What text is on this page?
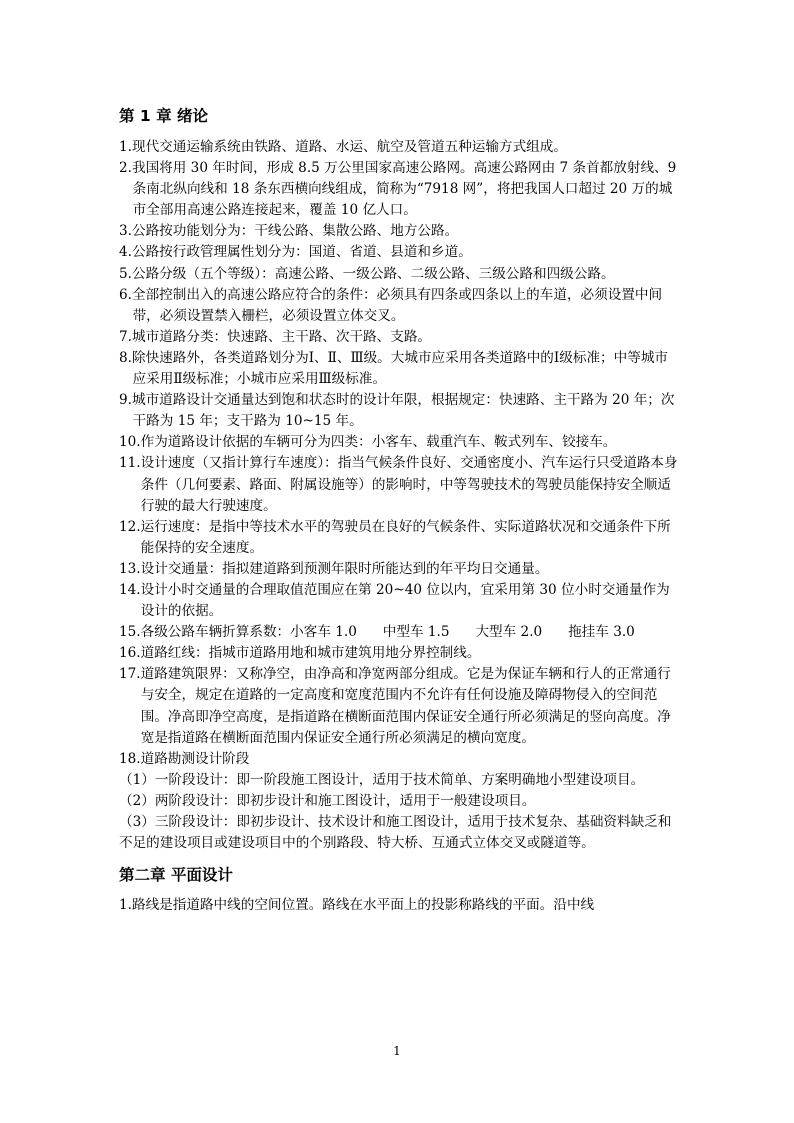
第 1 章 绪论

1.现代交通运输系统由铁路、道路、水运、航空及管道五种运输方式组成。

2.我国将用 30 年时间，形成 8.5 万公里国家高速公路网。高速公路网由 7 条首都放射线、9 条南北纵向线和 18 条东西横向线组成，简称为“7918 网”，将把我国人口超过 20 万的城市全部用高速公路连接起来，覆盖 10 亿人口。

3.公路按功能划分为：干线公路、集散公路、地方公路。

4.公路按行政管理属性划分为：国道、省道、县道和乡道。

5.公路分级（五个等级）：高速公路、一级公路、二级公路、三级公路和四级公路。

6.全部控制出入的高速公路应符合的条件：必须具有四条或四条以上的车道，必须设置中间带，必须设置禁入栅栏，必须设置立体交叉。

7.城市道路分类：快速路、主干路、次干路、支路。

8.除快速路外，各类道路划分为Ⅰ、Ⅱ、Ⅲ级。大城市应采用各类道路中的Ⅰ级标准；中等城市应采用Ⅱ级标准；小城市应采用Ⅲ级标准。

9.城市道路设计交通量达到饱和状态时的设计年限，根据规定：快速路、主干路为 20 年；次干路为 15 年；支干路为 10~15 年。

10.作为道路设计依据的车辆可分为四类：小客车、载重汽车、鞍式列车、铰接车。

11.设计速度（又指计算行车速度）：指当气候条件良好、交通密度小、汽车运行只受道路本身条件（几何要素、路面、附属设施等）的影响时，中等驾驶技术的驾驶员能保持安全顺适行驶的最大行驶速度。

12.运行速度：是指中等技术水平的驾驶员在良好的气候条件、实际道路状况和交通条件下所能保持的安全速度。

13.设计交通量：指拟建道路到预测年限时所能达到的年平均日交通量。

14.设计小时交通量的合理取值范围应在第 20~40 位以内，宜采用第 30 位小时交通量作为设计的依据。

15.各级公路车辆折算系数：小客车 1.0      中型车 1.5      大型车 2.0      拖挂车 3.0

16.道路红线：指城市道路用地和城市建筑用地分界控制线。

17.道路建筑限界：又称净空，由净高和净宽两部分组成。它是为保证车辆和行人的正常通行与安全，规定在道路的一定高度和宽度范围内不允许有任何设施及障碍物侵入的空间范围。净高即净空高度，是指道路在横断面范围内保证安全通行所必须满足的竖向高度。净宽是指道路在横断面范围内保证安全通行所必须满足的横向宽度。

18.道路勘测设计阶段

（1）一阶段设计：即一阶段施工图设计，适用于技术简单、方案明确地小型建设项目。

（2）两阶段设计：即初步设计和施工图设计，适用于一般建设项目。

（3）三阶段设计：即初步设计、技术设计和施工图设计，适用于技术复杂、基础资料缺乏和不足的建设项目或建设项目中的个别路段、特大桥、互通式立体交叉或隧道等。

第二章 平面设计

1.路线是指道路中线的空间位置。路线在水平面上的投影称路线的平面。沿中线

1
